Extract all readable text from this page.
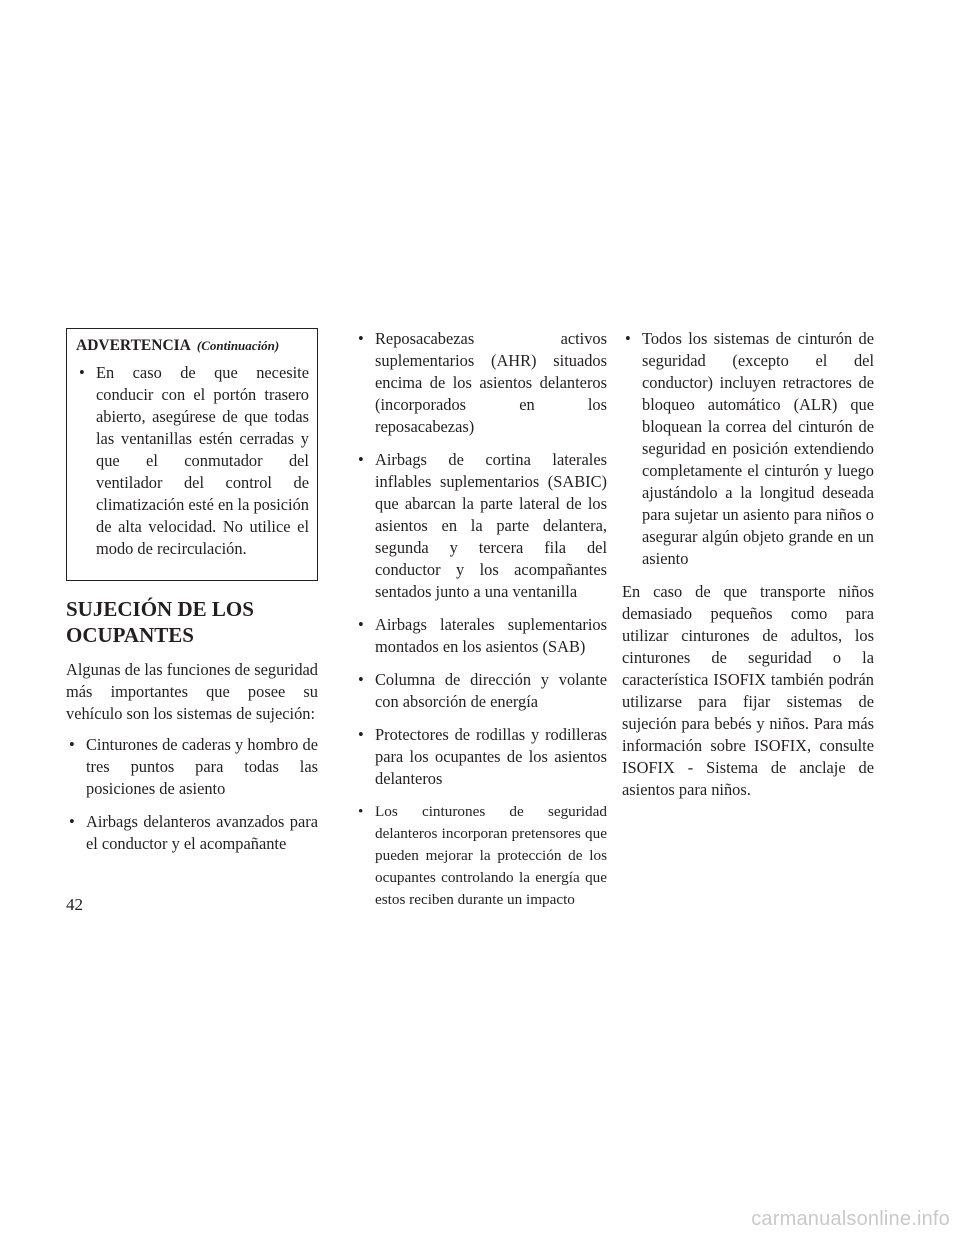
ADVERTENCIA (Continuación)
• En caso de que necesite conducir con el portón trasero abierto, asegúrese de que todas las ventanillas estén cerradas y que el conmutador del ventilador del control de climatización esté en la posición de alta velocidad. No utilice el modo de recirculación.
SUJECIÓN DE LOS OCUPANTES

Algunas de las funciones de seguridad más importantes que posee su vehículo son los sistemas de sujeción:

• Cinturones de caderas y hombro de tres puntos para todas las posiciones de asiento
• Airbags delanteros avanzados para el conductor y el acompañante
• Reposacabezas activos suplementarios (AHR) situados encima de los asientos delanteros (incorporados en los reposacabezas)
• Airbags de cortina laterales inflables suplementarios (SABIC) que abarcan la parte lateral de los asientos en la parte delantera, segunda y tercera fila del conductor y los acompañantes sentados junto a una ventanilla
• Airbags laterales suplementarios montados en los asientos (SAB)
• Columna de dirección y volante con absorción de energía
• Protectores de rodillas y rodilleras para los ocupantes de los asientos delanteros
• Los cinturones de seguridad delanteros incorporan pretensores que pueden mejorar la protección de los ocupantes controlando la energía que estos reciben durante un impacto
• Todos los sistemas de cinturón de seguridad (excepto el del conductor) incluyen retractores de bloqueo automático (ALR) que bloquean la correa del cinturón de seguridad en posición extendiendo completamente el cinturón y luego ajustándolo a la longitud deseada para sujetar un asiento para niños o asegurar algún objeto grande en un asiento

En caso de que transporte niños demasiado pequeños como para utilizar cinturones de adultos, los cinturones de seguridad o la característica ISOFIX también podrán utilizarse para fijar sistemas de sujeción para bebés y niños. Para más información sobre ISOFIX, consulte ISOFIX - Sistema de anclaje de asientos para niños.

42
carmanualsonline.info
